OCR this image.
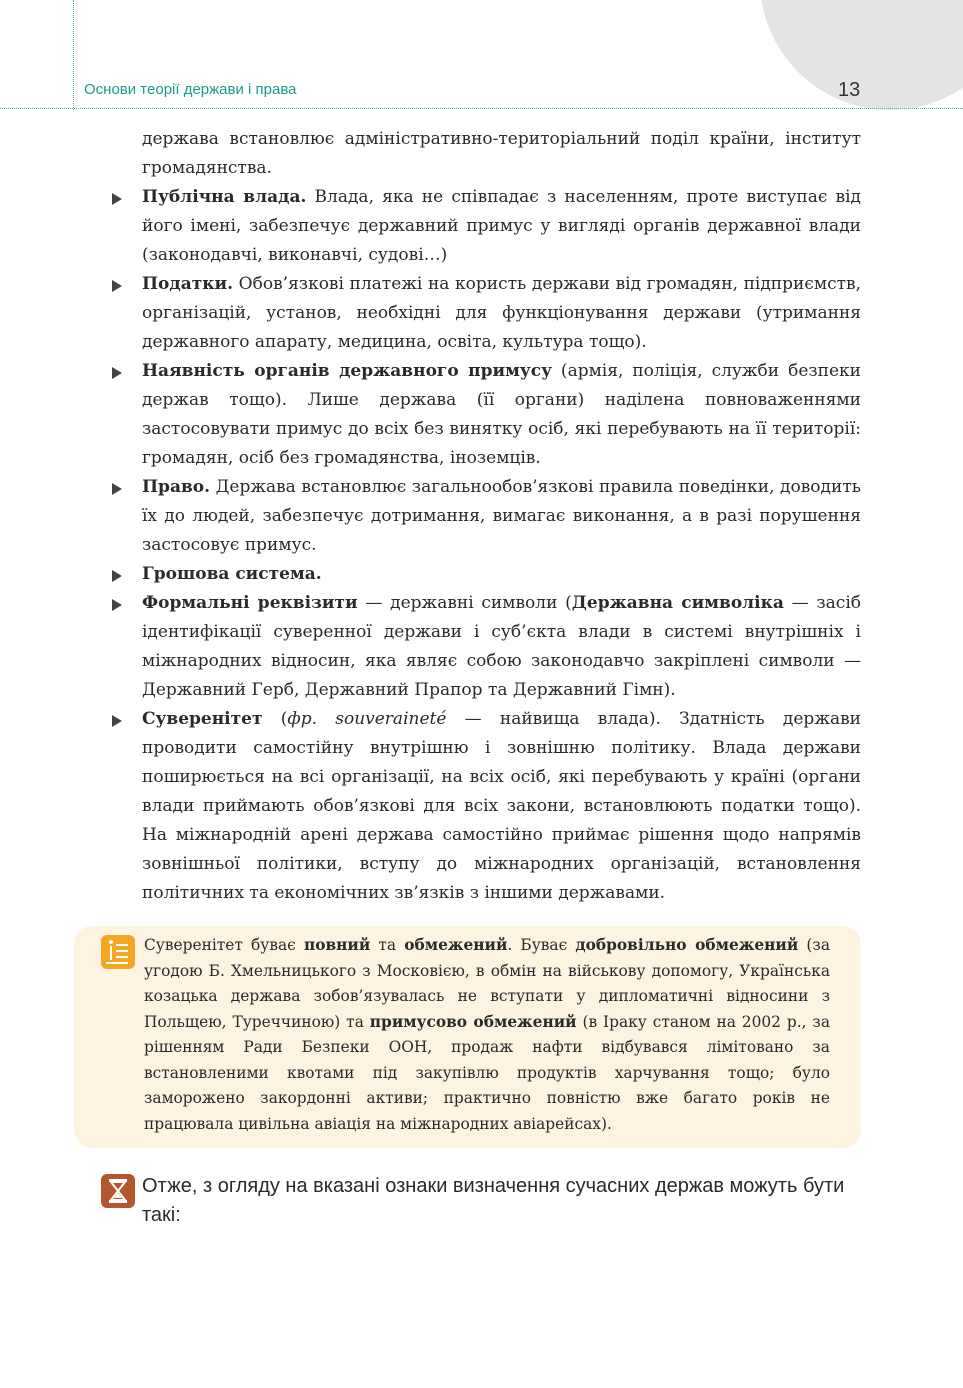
Основи теорії держави і права	13

держава встановлює адміністративно-територіальний поділ країни, інститут громадянства.

Публічна влада. Влада, яка не співпадає з населенням, проте виступає від його імені, забезпечує державний примус у вигляді органів державної влади (законодавчі, виконавчі, судові…)

Податки. Обов’язкові платежі на користь держави від громадян, підприємств, організацій, установ, необхідні для функціонування держави (утримання державного апарату, медицина, освіта, культура тощо).

Наявність органів державного примусу (армія, поліція, служби безпеки держав тощо). Лише держава (її органи) наділена повноваженнями застосовувати примус до всіх без винятку осіб, які перебувають на її території: громадян, осіб без громадянства, іноземців.

Право. Держава встановлює загальнообов’язкові правила поведінки, доводить їх до людей, забезпечує дотримання, вимагає виконання, а в разі порушення застосовує примус.

Грошова система.

Формальні реквізити — державні символи (Державна символіка — засіб ідентифікації суверенної держави і суб’єкта влади в системі внутрішніх і міжнародних відносин, яка являє собою законодавчо закріплені символи — Державний Герб, Державний Прапор та Державний Гімн).

Суверенітет (фр. souveraineté — найвища влада). Здатність держави проводити самостійну внутрішню і зовнішню політику. Влада держави поширюється на всі організації, на всіх осіб, які перебувають у країні (органи влади приймають обов’язкові для всіх закони, встановлюють податки тощо). На міжнародній арені держава самостійно приймає рішення щодо напрямів зовнішньої політики, вступу до міжнародних організацій, встановлення політичних та економічних зв’язків з іншими державами.

Суверенітет буває повний та обмежений. Буває добровільно обмежений (за угодою Б. Хмельницького з Московією, в обмін на військову допомогу, Українська козацька держава зобов’язувалась не вступати у дипломатичні відносини з Польщею, Туреччиною) та примусово обмежений (в Іраку станом на 2002 р., за рішенням Ради Безпеки ООН, продаж нафти відбувався лімітовано за встановленими квотами під закупівлю продуктів харчування тощо; було заморожено закордонні активи; практично повністю вже багато років не працювала цивільна авіація на міжнародних авіарейсах).

Отже, з огляду на вказані ознаки визначення сучасних держав можуть бути такі:
